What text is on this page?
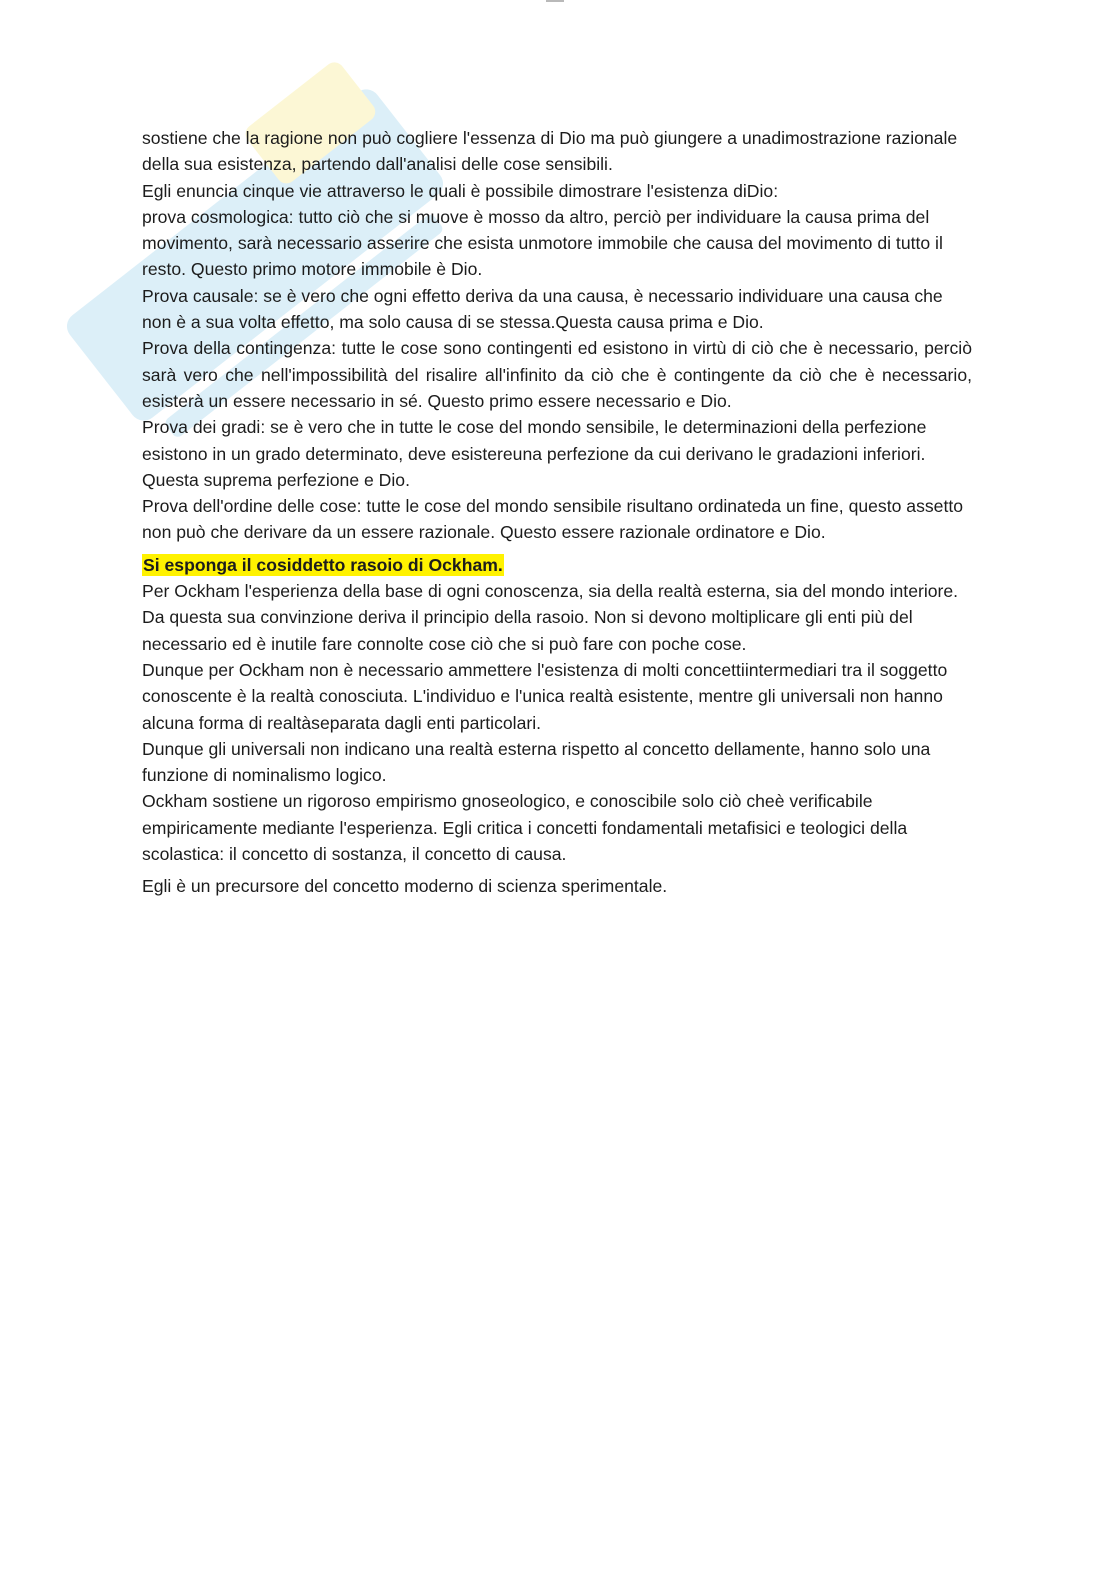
sostiene che la ragione non può cogliere l'essenza di Dio ma può giungere a unadimostrazione razionale della sua esistenza, partendo dall'analisi delle cose sensibili.

Egli enuncia cinque vie attraverso le quali è possibile dimostrare l'esistenza diDio:

prova cosmologica: tutto ciò che si muove è mosso da altro, perciò per individuare la causa prima del movimento, sarà necessario asserire che esista unmotore immobile che causa del movimento di tutto il resto. Questo primo motore immobile è Dio.

Prova causale: se è vero che ogni effetto deriva da una causa, è necessario individuare una causa che non è a sua volta effetto, ma solo causa di se stessa.Questa causa prima e Dio.

Prova della contingenza: tutte le cose sono contingenti ed esistono in virtù di ciò che è necessario, perciò sarà vero che nell'impossibilità del risalire all'infinito da ciò che è contingente da ciò che è necessario, esisterà un essere necessario in sé. Questo primo essere necessario e Dio.

Prova dei gradi: se è vero che in tutte le cose del mondo sensibile, le determinazioni della perfezione esistono in un grado determinato, deve esistereuna perfezione da cui derivano le gradazioni inferiori. Questa suprema perfezione e Dio.

Prova dell'ordine delle cose: tutte le cose del mondo sensibile risultano ordinateda un fine, questo assetto non può che derivare da un essere razionale. Questo essere razionale ordinatore e Dio.

Si esponga il cosiddetto rasoio di Ockham.

Per Ockham l'esperienza della base di ogni conoscenza, sia della realtà esterna, sia del mondo interiore. Da questa sua convinzione deriva il principio della rasoio. Non si devono moltiplicare gli enti più del necessario ed è inutile fare connolte cose ciò che si può fare con poche cose.

Dunque per Ockham non è necessario ammettere l'esistenza di molti concettiintermediari tra il soggetto conoscente è la realtà conosciuta. L'individuo e l'unica realtà esistente, mentre gli universali non hanno alcuna forma di realtàseparata dagli enti particolari.

Dunque gli universali non indicano una realtà esterna rispetto al concetto dellamente, hanno solo una funzione di nominalismo logico.

Ockham sostiene un rigoroso empirismo gnoseologico, e conoscibile solo ciò cheè verificabile empiricamente mediante l'esperienza. Egli critica i concetti fondamentali metafisici e teologici della scolastica: il concetto di sostanza, il concetto di causa.

Egli è un precursore del concetto moderno di scienza sperimentale.
